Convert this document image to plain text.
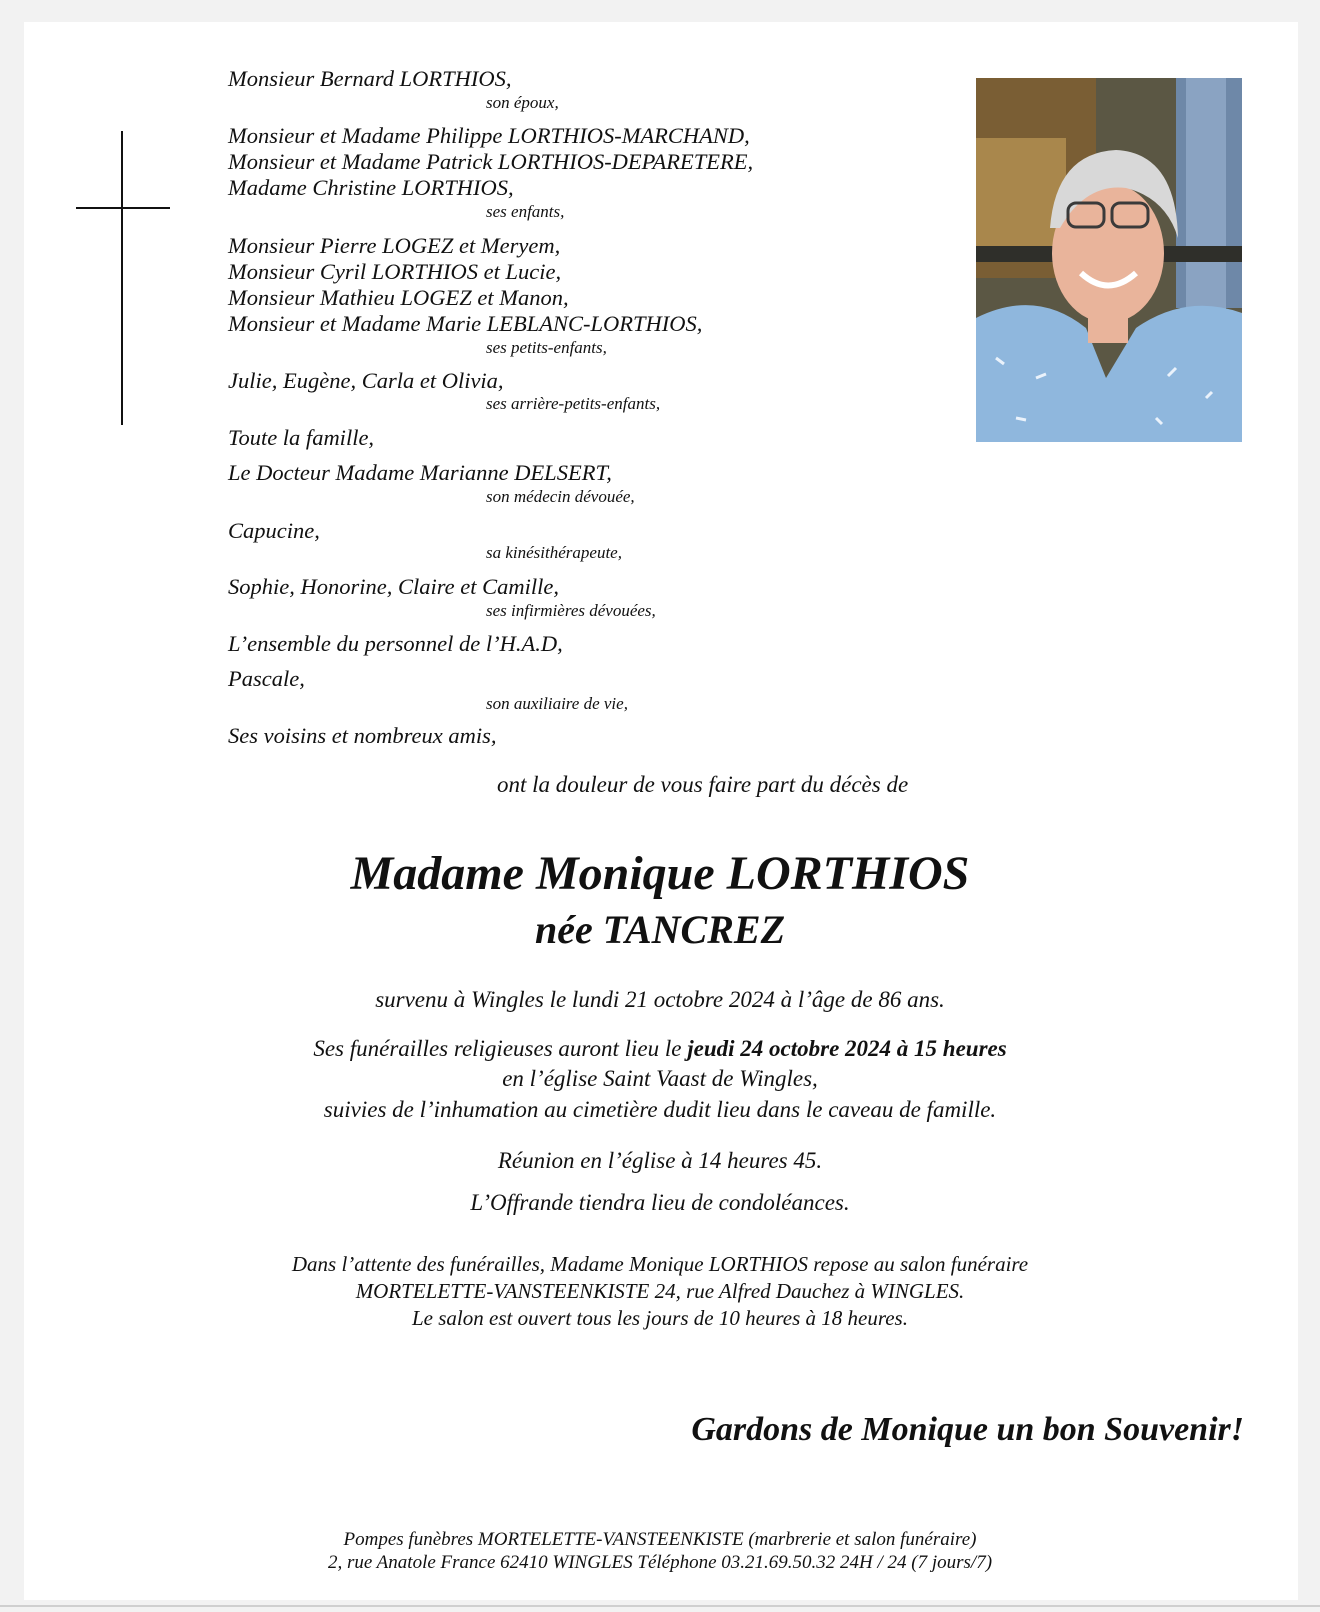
Monsieur Bernard LORTHIOS,
son époux,
Monsieur et Madame Philippe LORTHIOS-MARCHAND,
Monsieur et Madame Patrick LORTHIOS-DEPARETERE,
Madame Christine LORTHIOS,
ses enfants,
Monsieur Pierre LOGEZ et Meryem,
Monsieur Cyril LORTHIOS et Lucie,
Monsieur Mathieu LOGEZ et Manon,
Monsieur et Madame Marie LEBLANC-LORTHIOS,
ses petits-enfants,
Julie, Eugène, Carla et Olivia,
ses arrière-petits-enfants,
Toute la famille,
Le Docteur Madame Marianne DELSERT,
son médecin dévouée,
Capucine,
sa kinésithérapeute,
Sophie, Honorine, Claire et Camille,
ses infirmières dévouées,
L’ensemble du personnel de l’H.A.D,
Pascale,
son auxiliaire de vie,
Ses voisins et nombreux amis,
ont la douleur de vous faire part du décès de
Madame Monique LORTHIOS
née TANCREZ
survenu à Wingles le lundi 21 octobre 2024 à l’âge de 86 ans.
Ses funérailles religieuses auront lieu le jeudi 24 octobre 2024 à 15 heures
en l’église Saint Vaast de Wingles,
suivies de l’inhumation au cimetière dudit lieu dans le caveau de famille.
Réunion en l’église à 14 heures 45.
L’Offrande tiendra lieu de condoléances.
Dans l’attente des funérailles, Madame Monique LORTHIOS repose au salon funéraire
MORTELETTE-VANSTEENKISTE 24, rue Alfred Dauchez à WINGLES.
Le salon est ouvert tous les jours de 10 heures à 18 heures.
Gardons de Monique un bon Souvenir!
Pompes funèbres MORTELETTE-VANSTEENKISTE (marbrerie et salon funéraire)
2, rue Anatole France 62410 WINGLES Téléphone 03.21.69.50.32 24H / 24 (7 jours/7)
